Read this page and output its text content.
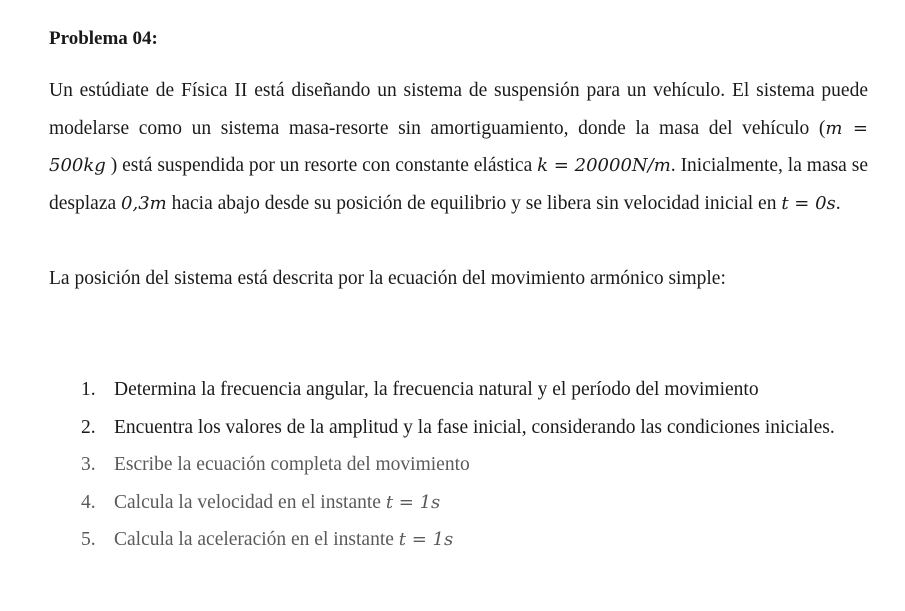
Problema 04:
Un estúdiate de Física II está diseñando un sistema de suspensión para un vehículo. El sistema puede modelarse como un sistema masa-resorte sin amortiguamiento, donde la masa del vehículo (m = 500kg ) está suspendida por un resorte con constante elástica k = 20000N/m. Inicialmente, la masa se desplaza 0,3m hacia abajo desde su posición de equilibrio y se libera sin velocidad inicial en t = 0s.
La posición del sistema está descrita por la ecuación del movimiento armónico simple:
1. Determina la frecuencia angular, la frecuencia natural y el período del movimiento
2. Encuentra los valores de la amplitud y la fase inicial, considerando las condiciones iniciales.
3. Escribe la ecuación completa del movimiento
4. Calcula la velocidad en el instante t = 1s
5. Calcula la aceleración en el instante t = 1s
